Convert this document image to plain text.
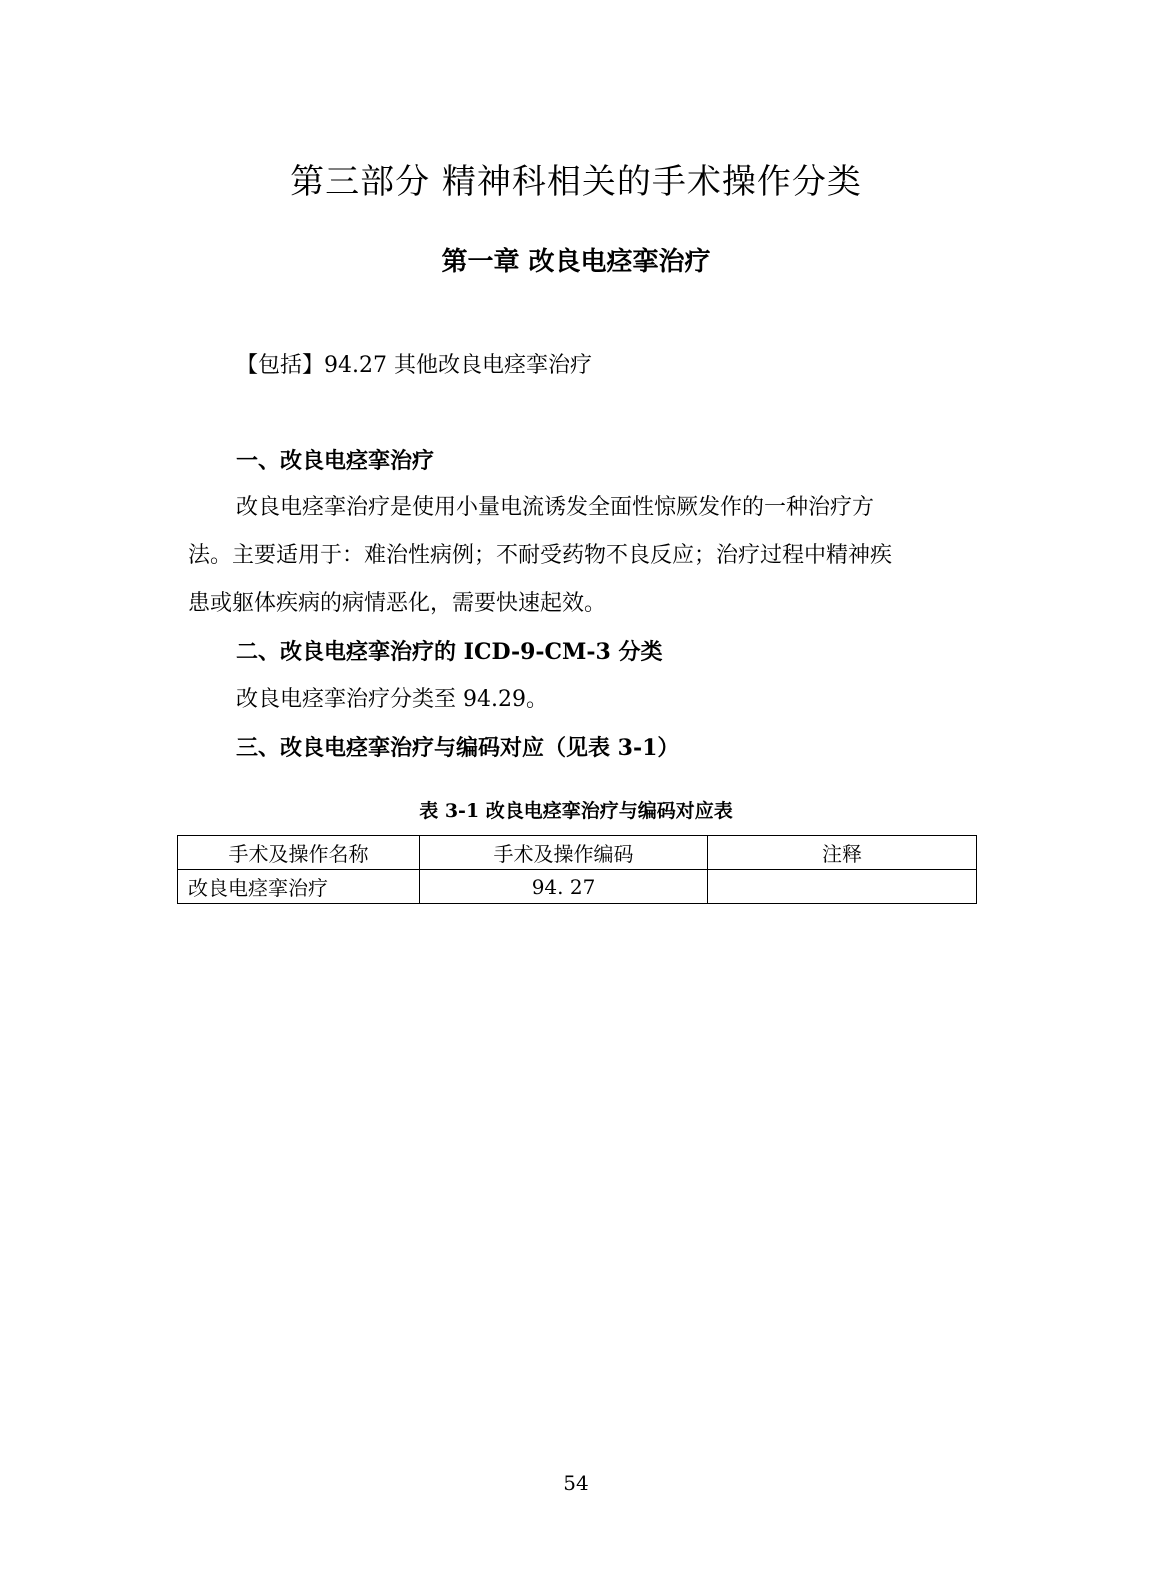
第三部分 精神科相关的手术操作分类
第一章 改良电痉挛治疗
【包括】94.27 其他改良电痉挛治疗
一、改良电痉挛治疗
改良电痉挛治疗是使用小量电流诱发全面性惊厥发作的一种治疗方
法。主要适用于：难治性病例；不耐受药物不良反应；治疗过程中精神疾
患或躯体疾病的病情恶化，需要快速起效。
二、改良电痉挛治疗的 ICD-9-CM-3 分类
改良电痉挛治疗分类至 94.29。
三、改良电痉挛治疗与编码对应（见表 3-1）
表 3-1 改良电痉挛治疗与编码对应表
手术及操作名称	手术及操作编码	注释
改良电痉挛治疗	94. 27	
54
